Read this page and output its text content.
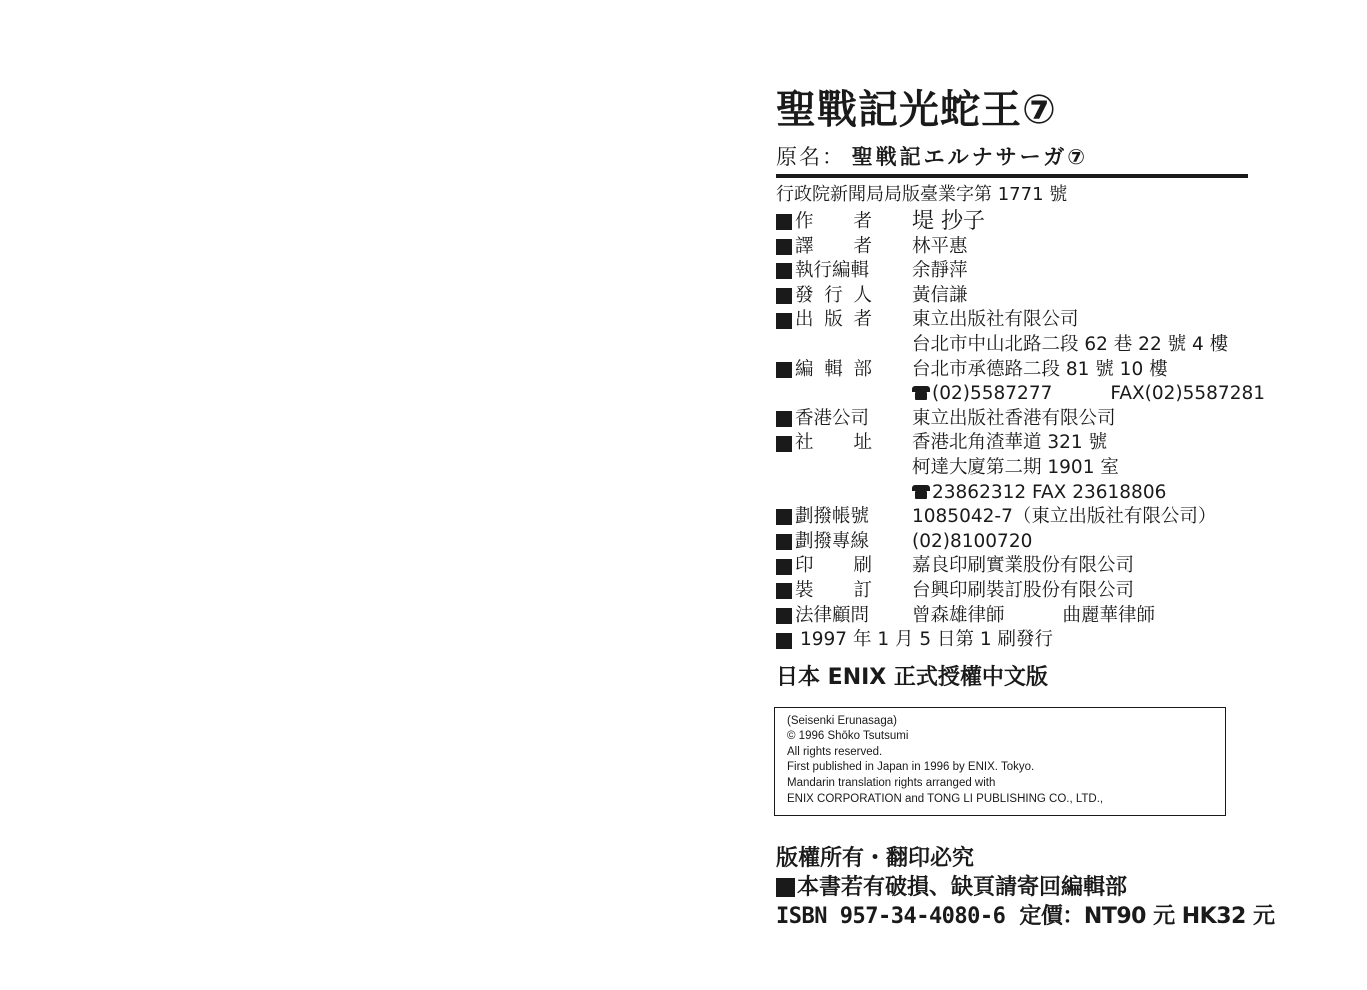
聖戰記光蛇王⑦
原名： 聖戦記エルナサーガ⑦
行政院新聞局局版臺業字第 1771 號
作 者 堤 抄子
譯 者 林平惠
執行編輯 余靜萍
發 行 人 黃信謙
出 版 者 東立出版社有限公司
台北市中山北路二段 62 巷 22 號 4 樓
編 輯 部 台北市承德路二段 81 號 10 樓
(02)5587277	FAX(02)5587281
香港公司 東立出版社香港有限公司
社 址 香港北角渣華道 321 號
柯達大廈第二期 1901 室
23862312 FAX 23618806
劃撥帳號 1085042-7（東立出版社有限公司）
劃撥專線 (02)8100720
印 刷 嘉良印刷實業股份有限公司
裝 訂 台興印刷裝訂股份有限公司
法律顧問 曾森雄律師	曲麗華律師
1997 年 1 月 5 日第 1 刷發行
日本 ENIX 正式授權中文版
(Seisenki Erunasaga)
© 1996 Shōko Tsutsumi
All rights reserved.
First published in Japan in 1996 by ENIX. Tokyo.
Mandarin translation rights arranged with
ENIX CORPORATION and TONG LI PUBLISHING CO., LTD.,
版權所有・翻印必究
本書若有破損、缺頁請寄回編輯部
ISBN 957-34-4080-6 定價：NT90 元 HK32 元
